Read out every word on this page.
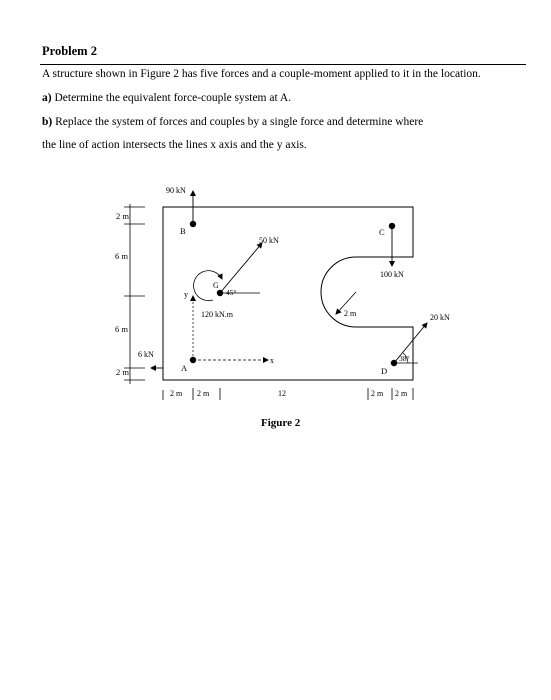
Problem 2
A structure shown in Figure 2 has five forces and a couple-moment applied to it in the location.
a) Determine the equivalent force-couple system at A.
b) Replace the system of forces and couples by a single force and determine where
the line of action intersects the lines x axis and the y axis.
2 m
6 m
6 m
2 m
90 kN
B
50 kN
G
45°
120 kN.m
y
x
A
6 kN
C
100 kN
2 m
D
38°
20 kN
2 m 2 m	12	2 m 2 m
Figure 2
